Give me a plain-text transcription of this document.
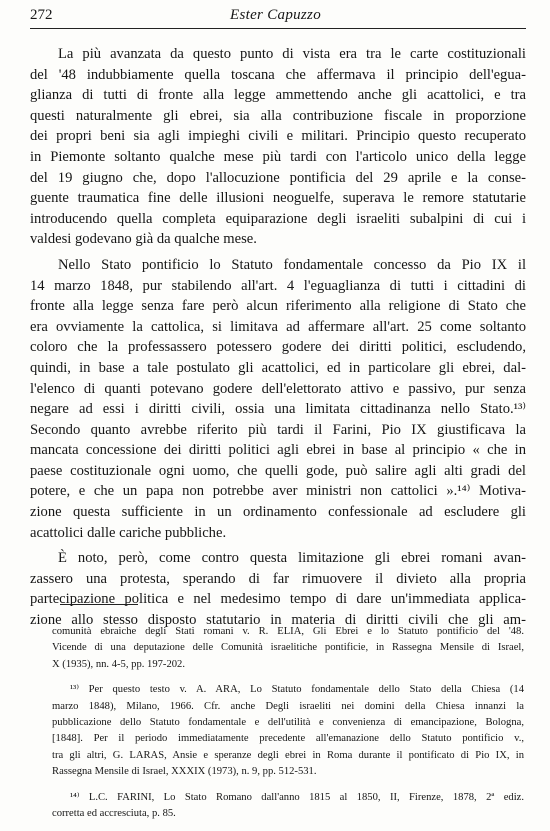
272	Ester Capuzzo
La più avanzata da questo punto di vista era tra le carte costituzionali
del '48 indubbiamente quella toscana che affermava il principio dell'egua-
glianza di tutti di fronte alla legge ammettendo anche gli acattolici, e tra
questi naturalmente gli ebrei, sia alla contribuzione fiscale in proporzione
dei propri beni sia agli impieghi civili e militari. Principio questo recuperato
in Piemonte soltanto qualche mese più tardi con l'articolo unico della legge
del 19 giugno che, dopo l'allocuzione pontificia del 29 aprile e la conse-
guente traumatica fine delle illusioni neoguelfe, superava le remore statutarie
introducendo quella completa equiparazione degli israeliti subalpini di cui i
valdesi godevano già da qualche mese.
Nello Stato pontificio lo Statuto fondamentale concesso da Pio IX il
14 marzo 1848, pur stabilendo all'art. 4 l'eguaglianza di tutti i cittadini di
fronte alla legge senza fare però alcun riferimento alla religione di Stato che
era ovviamente la cattolica, si limitava ad affermare all'art. 25 come soltanto
coloro che la professassero potessero godere dei diritti politici, escludendo,
quindi, in base a tale postulato gli acattolici, ed in particolare gli ebrei, dal-
l'elenco di quanti potevano godere dell'elettorato attivo e passivo, pur senza
negare ad essi i diritti civili, ossia una limitata cittadinanza nello Stato.¹³⁾
Secondo quanto avrebbe riferito più tardi il Farini, Pio IX giustificava la
mancata concessione dei diritti politici agli ebrei in base al principio « che in
paese costituzionale ogni uomo, che quelli gode, può salire agli alti gradi del
potere, e che un papa non potrebbe aver ministri non cattolici ».¹⁴⁾ Motiva-
zione questa sufficiente in un ordinamento confessionale ad escludere gli
acattolici dalle cariche pubbliche.
È noto, però, come contro questa limitazione gli ebrei romani avan-
zassero una protesta, sperando di far rimuovere il divieto alla propria
partecipazione politica e nel medesimo tempo di dare un'immediata applica-
zione allo stesso disposto statutario in materia di diritti civili che gli am-
comunità ebraiche degli Stati romani v. R. ELIA, Gli Ebrei e lo Statuto pontificio del '48.
Vicende di una deputazione delle Comunità israelitiche pontificie, in Rassegna Mensile di Israel,
X (1935), nn. 4-5, pp. 197-202.
¹³⁾ Per questo testo v. A. ARA, Lo Statuto fondamentale dello Stato della Chiesa (14
marzo 1848), Milano, 1966. Cfr. anche Degli israeliti nei domini della Chiesa innanzi la
pubblicazione dello Statuto fondamentale e dell'utilità e convenienza di emancipazione, Bologna,
[1848]. Per il periodo immediatamente precedente all'emanazione dello Statuto pontificio v.,
tra gli altri, G. LARAS, Ansie e speranze degli ebrei in Roma durante il pontificato di Pio IX, in
Rassegna Mensile di Israel, XXXIX (1973), n. 9, pp. 512-531.
¹⁴⁾ L.C. FARINI, Lo Stato Romano dall'anno 1815 al 1850, II, Firenze, 1878, 2ª ediz.
corretta ed accresciuta, p. 85.
